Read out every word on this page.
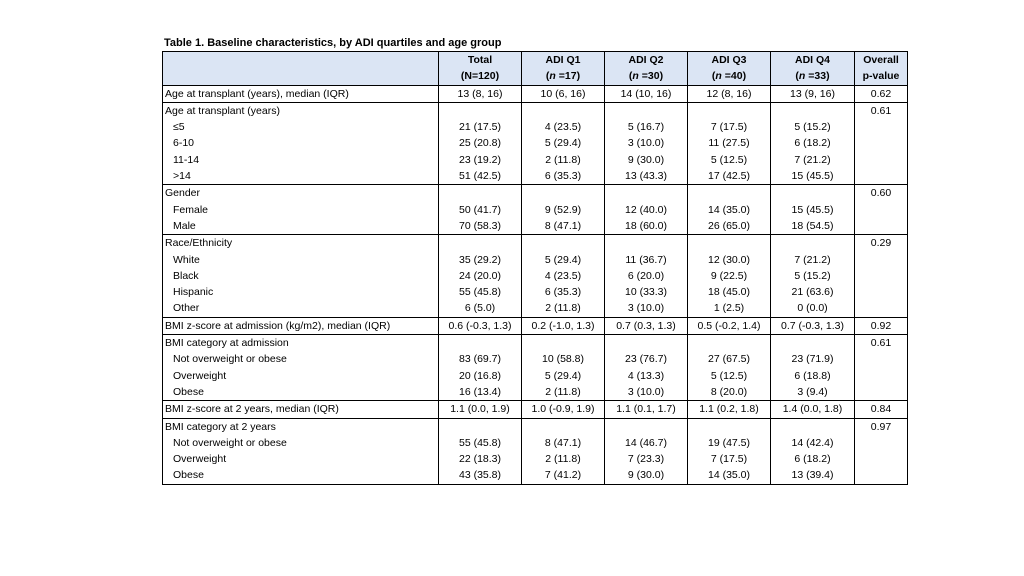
Table 1. Baseline characteristics, by ADI quartiles and age group
	Total	ADI Q1	ADI Q2	ADI Q3	ADI Q4	Overall
	(N=120)	(n =17)	(n =30)	(n =40)	(n =33)	p-value
Age at transplant (years), median (IQR)	13 (8, 16)	10 (6, 16)	14 (10, 16)	12 (8, 16)	13 (9, 16)	0.62
Age at transplant (years)						0.61
≤5	21 (17.5)	4 (23.5)	5 (16.7)	7 (17.5)	5 (15.2)	
6-10	25 (20.8)	5 (29.4)	3 (10.0)	11 (27.5)	6 (18.2)	
11-14	23 (19.2)	2 (11.8)	9 (30.0)	5 (12.5)	7 (21.2)	
>14	51 (42.5)	6 (35.3)	13 (43.3)	17 (42.5)	15 (45.5)	
Gender						0.60
Female	50 (41.7)	9 (52.9)	12 (40.0)	14 (35.0)	15 (45.5)	
Male	70 (58.3)	8 (47.1)	18 (60.0)	26 (65.0)	18 (54.5)	
Race/Ethnicity						0.29
White	35 (29.2)	5 (29.4)	11 (36.7)	12 (30.0)	7 (21.2)	
Black	24 (20.0)	4 (23.5)	6 (20.0)	9 (22.5)	5 (15.2)	
Hispanic	55 (45.8)	6 (35.3)	10 (33.3)	18 (45.0)	21 (63.6)	
Other	6 (5.0)	2 (11.8)	3 (10.0)	1 (2.5)	0 (0.0)	
BMI z-score at admission (kg/m2), median (IQR)	0.6 (-0.3, 1.3)	0.2 (-1.0, 1.3)	0.7 (0.3, 1.3)	0.5 (-0.2, 1.4)	0.7 (-0.3, 1.3)	0.92
BMI category at admission						0.61
Not overweight or obese	83 (69.7)	10 (58.8)	23 (76.7)	27 (67.5)	23 (71.9)	
Overweight	20 (16.8)	5 (29.4)	4 (13.3)	5 (12.5)	6 (18.8)	
Obese	16 (13.4)	2 (11.8)	3 (10.0)	8 (20.0)	3 (9.4)	
BMI z-score at 2 years, median (IQR)	1.1 (0.0, 1.9)	1.0 (-0.9, 1.9)	1.1 (0.1, 1.7)	1.1 (0.2, 1.8)	1.4 (0.0, 1.8)	0.84
BMI category at 2 years						0.97
Not overweight or obese	55 (45.8)	8 (47.1)	14 (46.7)	19 (47.5)	14 (42.4)	
Overweight	22 (18.3)	2 (11.8)	7 (23.3)	7 (17.5)	6 (18.2)	
Obese	43 (35.8)	7 (41.2)	9 (30.0)	14 (35.0)	13 (39.4)	
